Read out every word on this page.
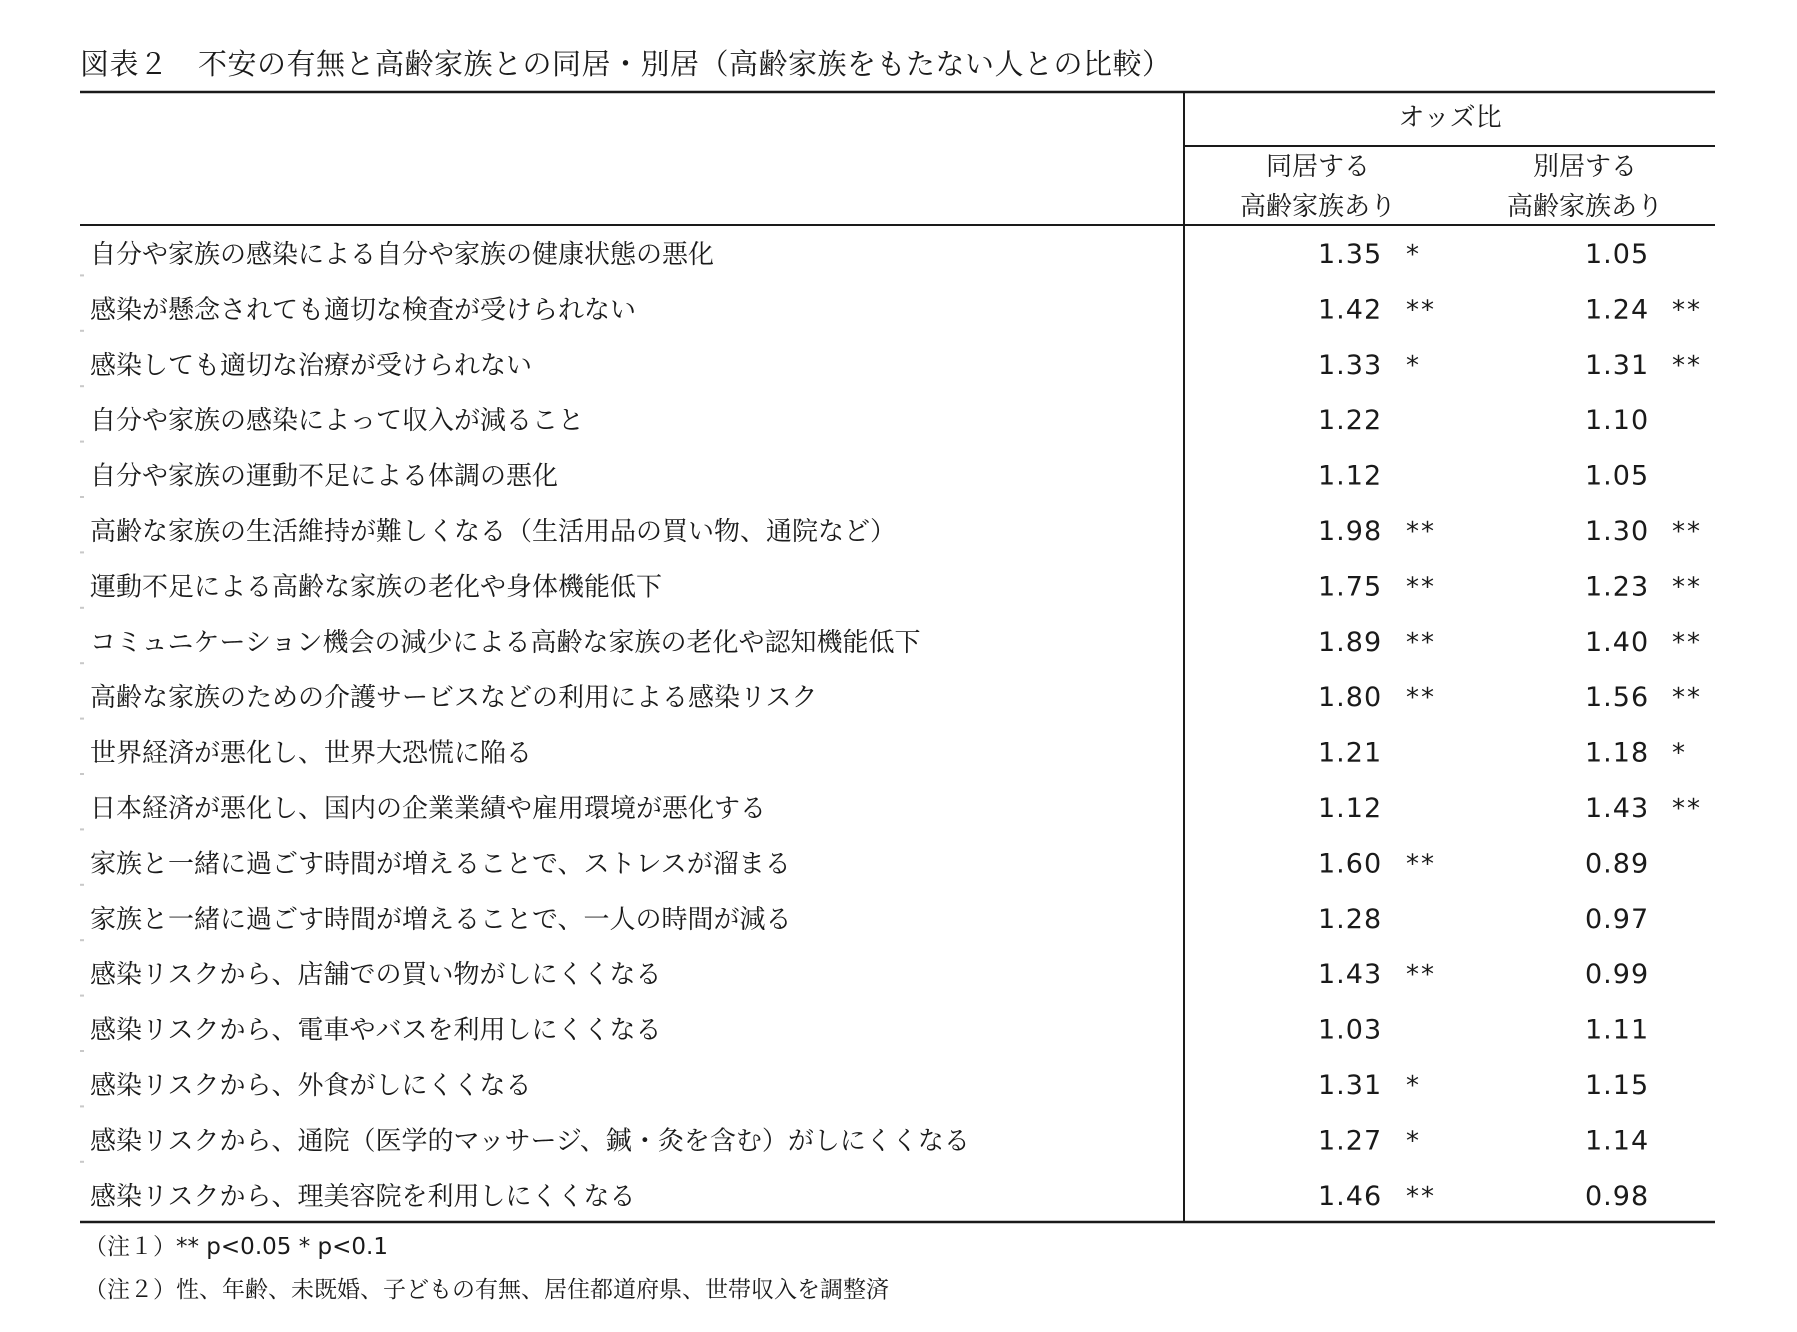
図表２　不安の有無と高齢家族との同居・別居（高齢家族をもたない人との比較）
オッズ比
同居する
高齢家族あり
別居する
高齢家族あり
自分や家族の感染による自分や家族の健康状態の悪化	1.35 *	1.05
感染が懸念されても適切な検査が受けられない	1.42 **	1.24 **
感染しても適切な治療が受けられない	1.33 *	1.31 **
自分や家族の感染によって収入が減ること	1.22	1.10
自分や家族の運動不足による体調の悪化	1.12	1.05
高齢な家族の生活維持が難しくなる（生活用品の買い物、通院など）	1.98 **	1.30 **
運動不足による高齢な家族の老化や身体機能低下	1.75 **	1.23 **
コミュニケーション機会の減少による高齢な家族の老化や認知機能低下	1.89 **	1.40 **
高齢な家族のための介護サービスなどの利用による感染リスク	1.80 **	1.56 **
世界経済が悪化し、世界大恐慌に陥る	1.21	1.18 *
日本経済が悪化し、国内の企業業績や雇用環境が悪化する	1.12	1.43 **
家族と一緒に過ごす時間が増えることで、ストレスが溜まる	1.60 **	0.89
家族と一緒に過ごす時間が増えることで、一人の時間が減る	1.28	0.97
感染リスクから、店舗での買い物がしにくくなる	1.43 **	0.99
感染リスクから、電車やバスを利用しにくくなる	1.03	1.11
感染リスクから、外食がしにくくなる	1.31 *	1.15
感染リスクから、通院（医学的マッサージ、鍼・灸を含む）がしにくくなる	1.27 *	1.14
感染リスクから、理美容院を利用しにくくなる	1.46 **	0.98
（注１）** p<0.05 * p<0.1
（注２）性、年齢、未既婚、子どもの有無、居住都道府県、世帯収入を調整済
